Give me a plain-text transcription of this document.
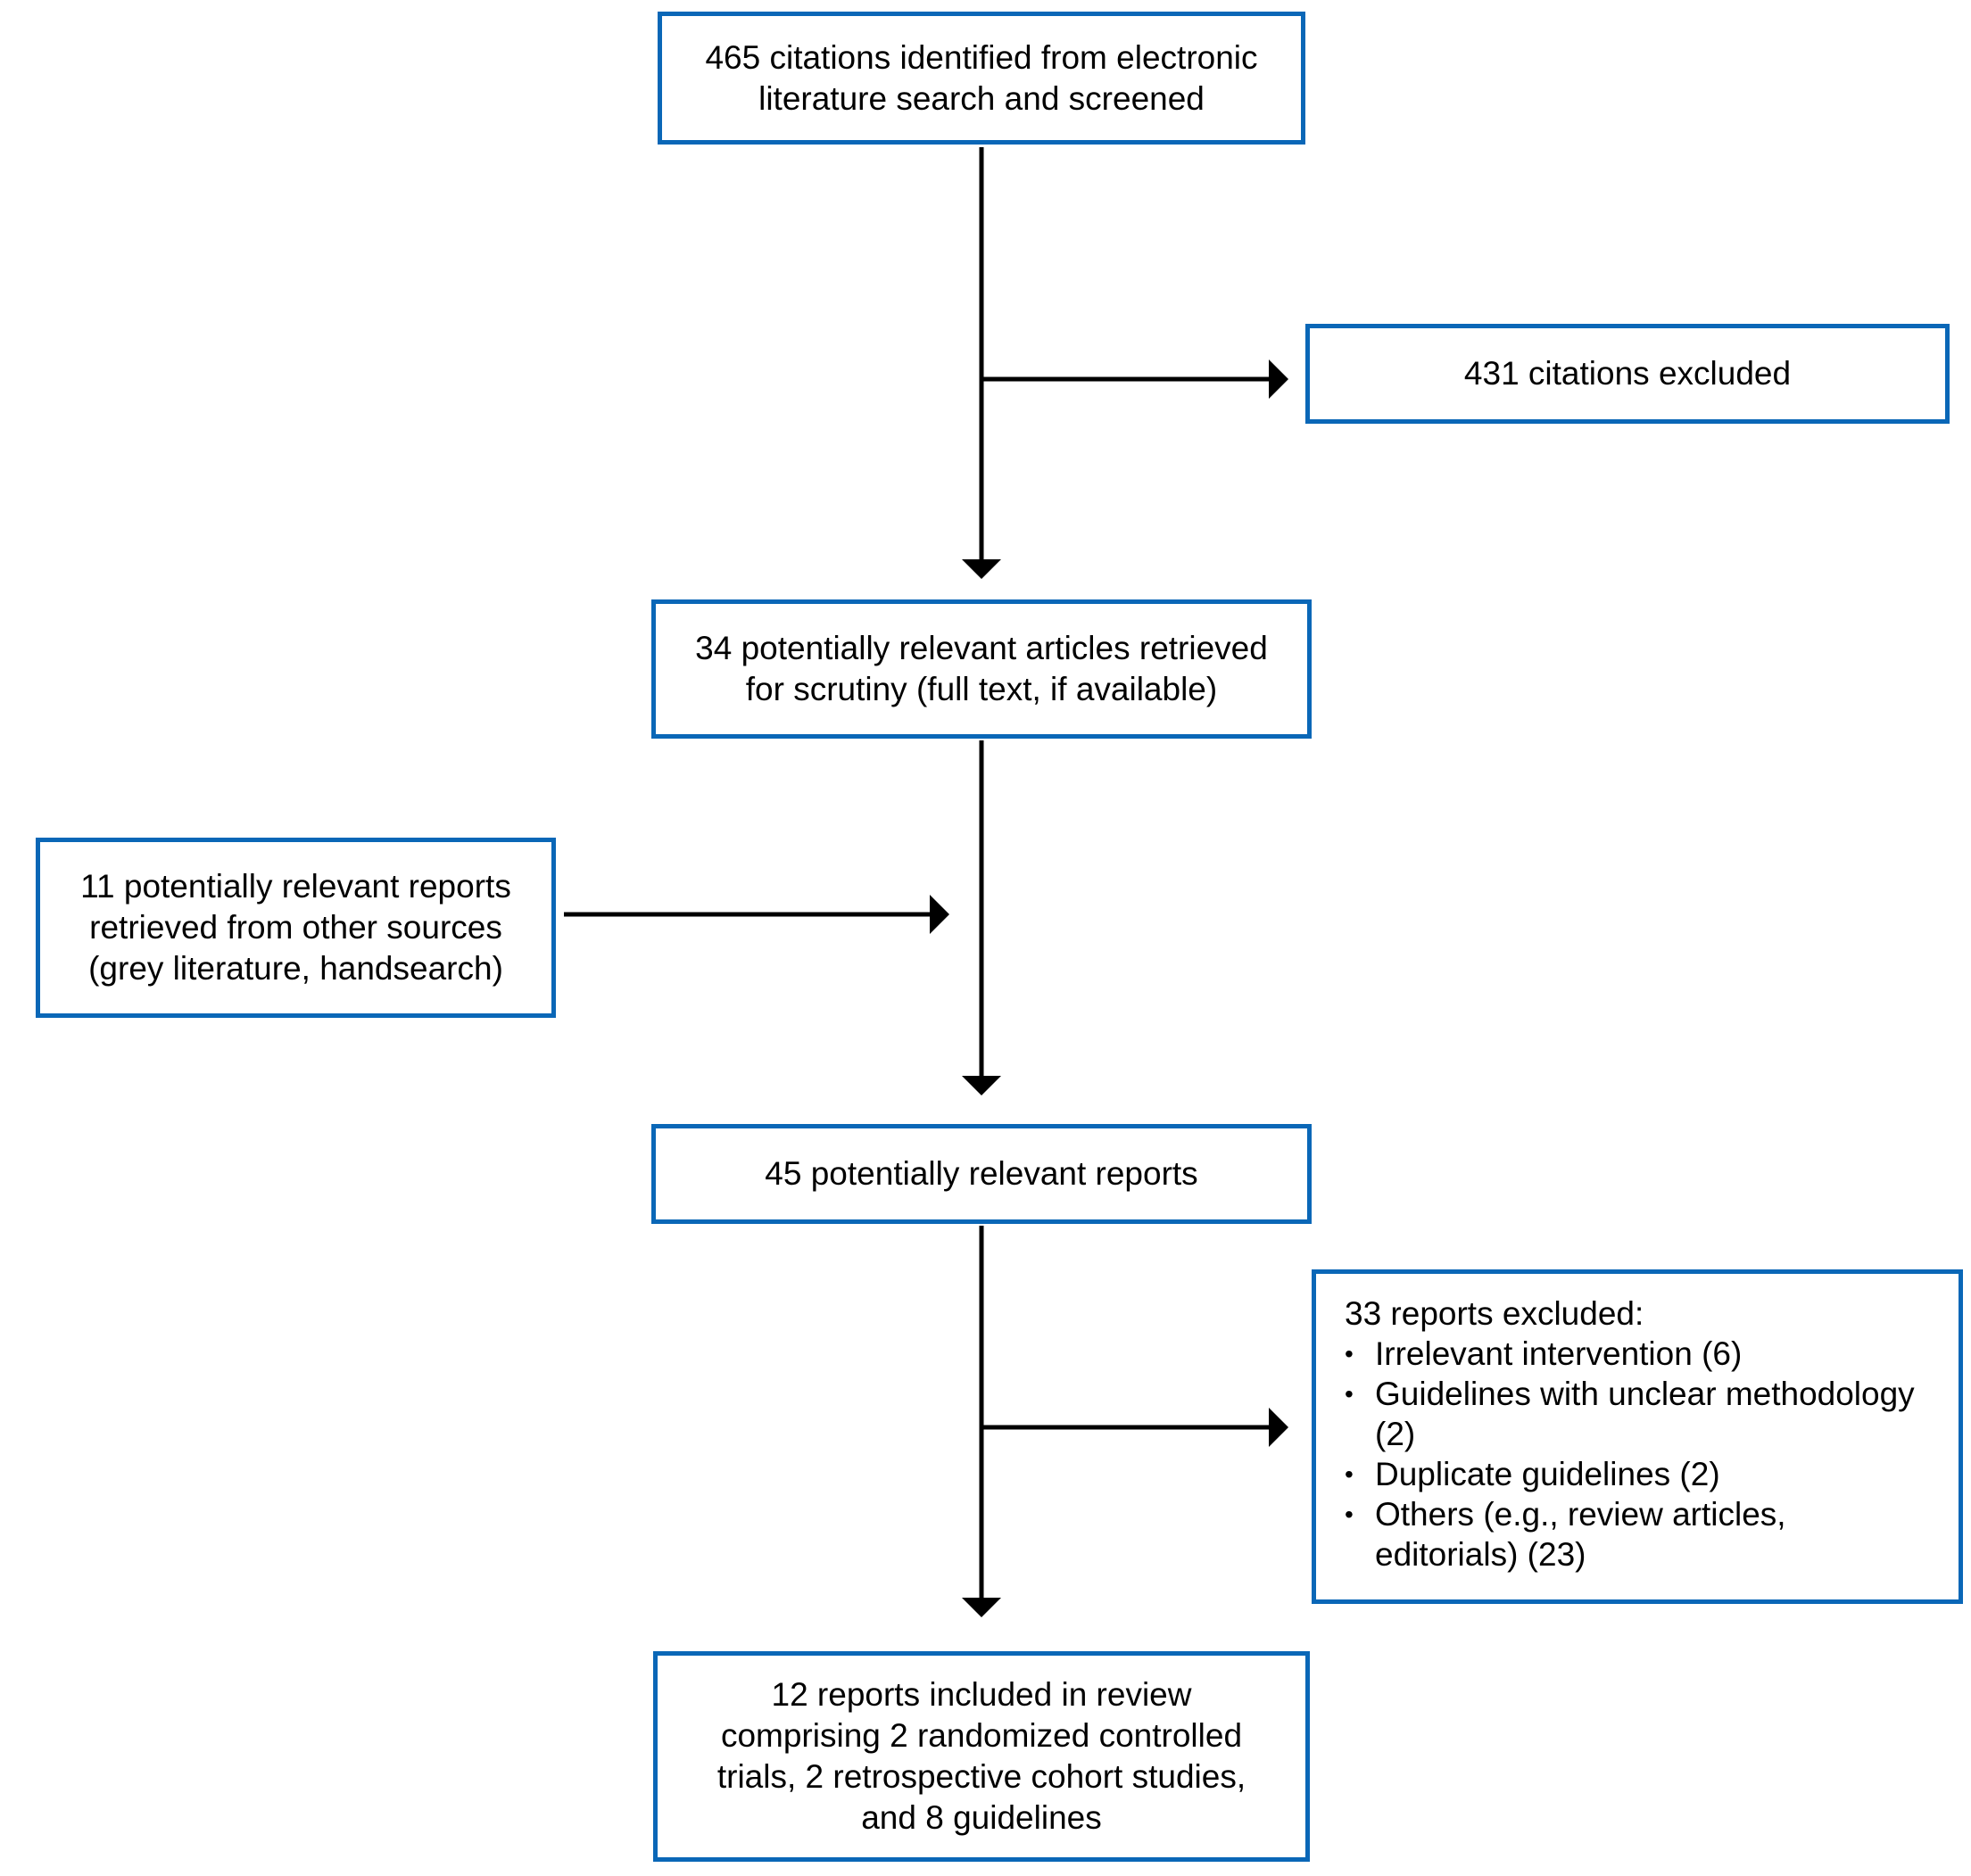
465 citations identified from electronic
literature search and screened
431 citations excluded
34 potentially relevant articles retrieved
for scrutiny (full text, if available)
11 potentially relevant reports
retrieved from other sources
(grey literature, handsearch)
45 potentially relevant reports
33 reports excluded:
• Irrelevant intervention (6)
• Guidelines with unclear methodology (2)
• Duplicate guidelines (2)
• Others (e.g., review articles, editorials) (23)
12 reports included in review
comprising 2 randomized controlled
trials, 2 retrospective cohort studies,
and 8 guidelines
